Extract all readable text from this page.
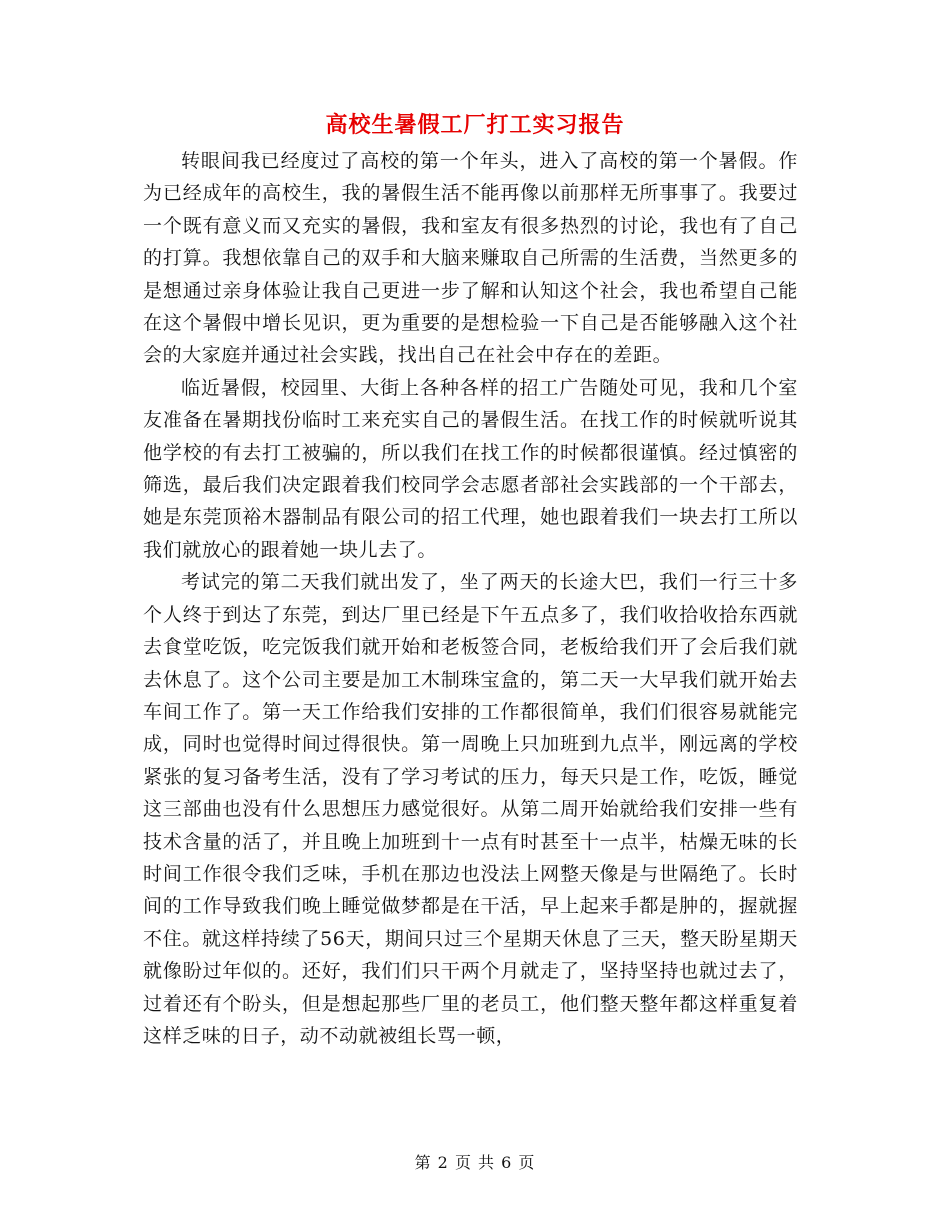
高校生暑假工厂打工实习报告

转眼间我已经度过了高校的第一个年头，进入了高校的第一个暑假。作为已经成年的高校生，我的暑假生活不能再像以前那样无所事事了。我要过一个既有意义而又充实的暑假，我和室友有很多热烈的讨论，我也有了自己的打算。我想依靠自己的双手和大脑来赚取自己所需的生活费，当然更多的是想通过亲身体验让我自己更进一步了解和认知这个社会，我也希望自己能在这个暑假中增长见识，更为重要的是想检验一下自己是否能够融入这个社会的大家庭并通过社会实践，找出自己在社会中存在的差距。

临近暑假，校园里、大街上各种各样的招工广告随处可见，我和几个室友准备在暑期找份临时工来充实自己的暑假生活。在找工作的时候就听说其他学校的有去打工被骗的，所以我们在找工作的时候都很谨慎。经过慎密的筛选，最后我们决定跟着我们校同学会志愿者部社会实践部的一个干部去，她是东莞顶裕木器制品有限公司的招工代理，她也跟着我们一块去打工所以我们就放心的跟着她一块儿去了。

考试完的第二天我们就出发了，坐了两天的长途大巴，我们一行三十多个人终于到达了东莞，到达厂里已经是下午五点多了，我们收拾收拾东西就去食堂吃饭，吃完饭我们就开始和老板签合同，老板给我们开了会后我们就去休息了。这个公司主要是加工木制珠宝盒的，第二天一大早我们就开始去车间工作了。第一天工作给我们安排的工作都很简单，我们们很容易就能完成，同时也觉得时间过得很快。第一周晚上只加班到九点半，刚远离的学校紧张的复习备考生活，没有了学习考试的压力，每天只是工作，吃饭，睡觉这三部曲也没有什么思想压力感觉很好。从第二周开始就给我们安排一些有技术含量的活了，并且晚上加班到十一点有时甚至十一点半，枯燥无味的长时间工作很令我们乏味，手机在那边也没法上网整天像是与世隔绝了。长时间的工作导致我们晚上睡觉做梦都是在干活，早上起来手都是肿的，握就握不住。就这样持续了56天，期间只过三个星期天休息了三天，整天盼星期天就像盼过年似的。还好，我们们只干两个月就走了，坚持坚持也就过去了，过着还有个盼头，但是想起那些厂里的老员工，他们整天整年都这样重复着这样乏味的日子，动不动就被组长骂一顿，

第 2 页 共 6 页
